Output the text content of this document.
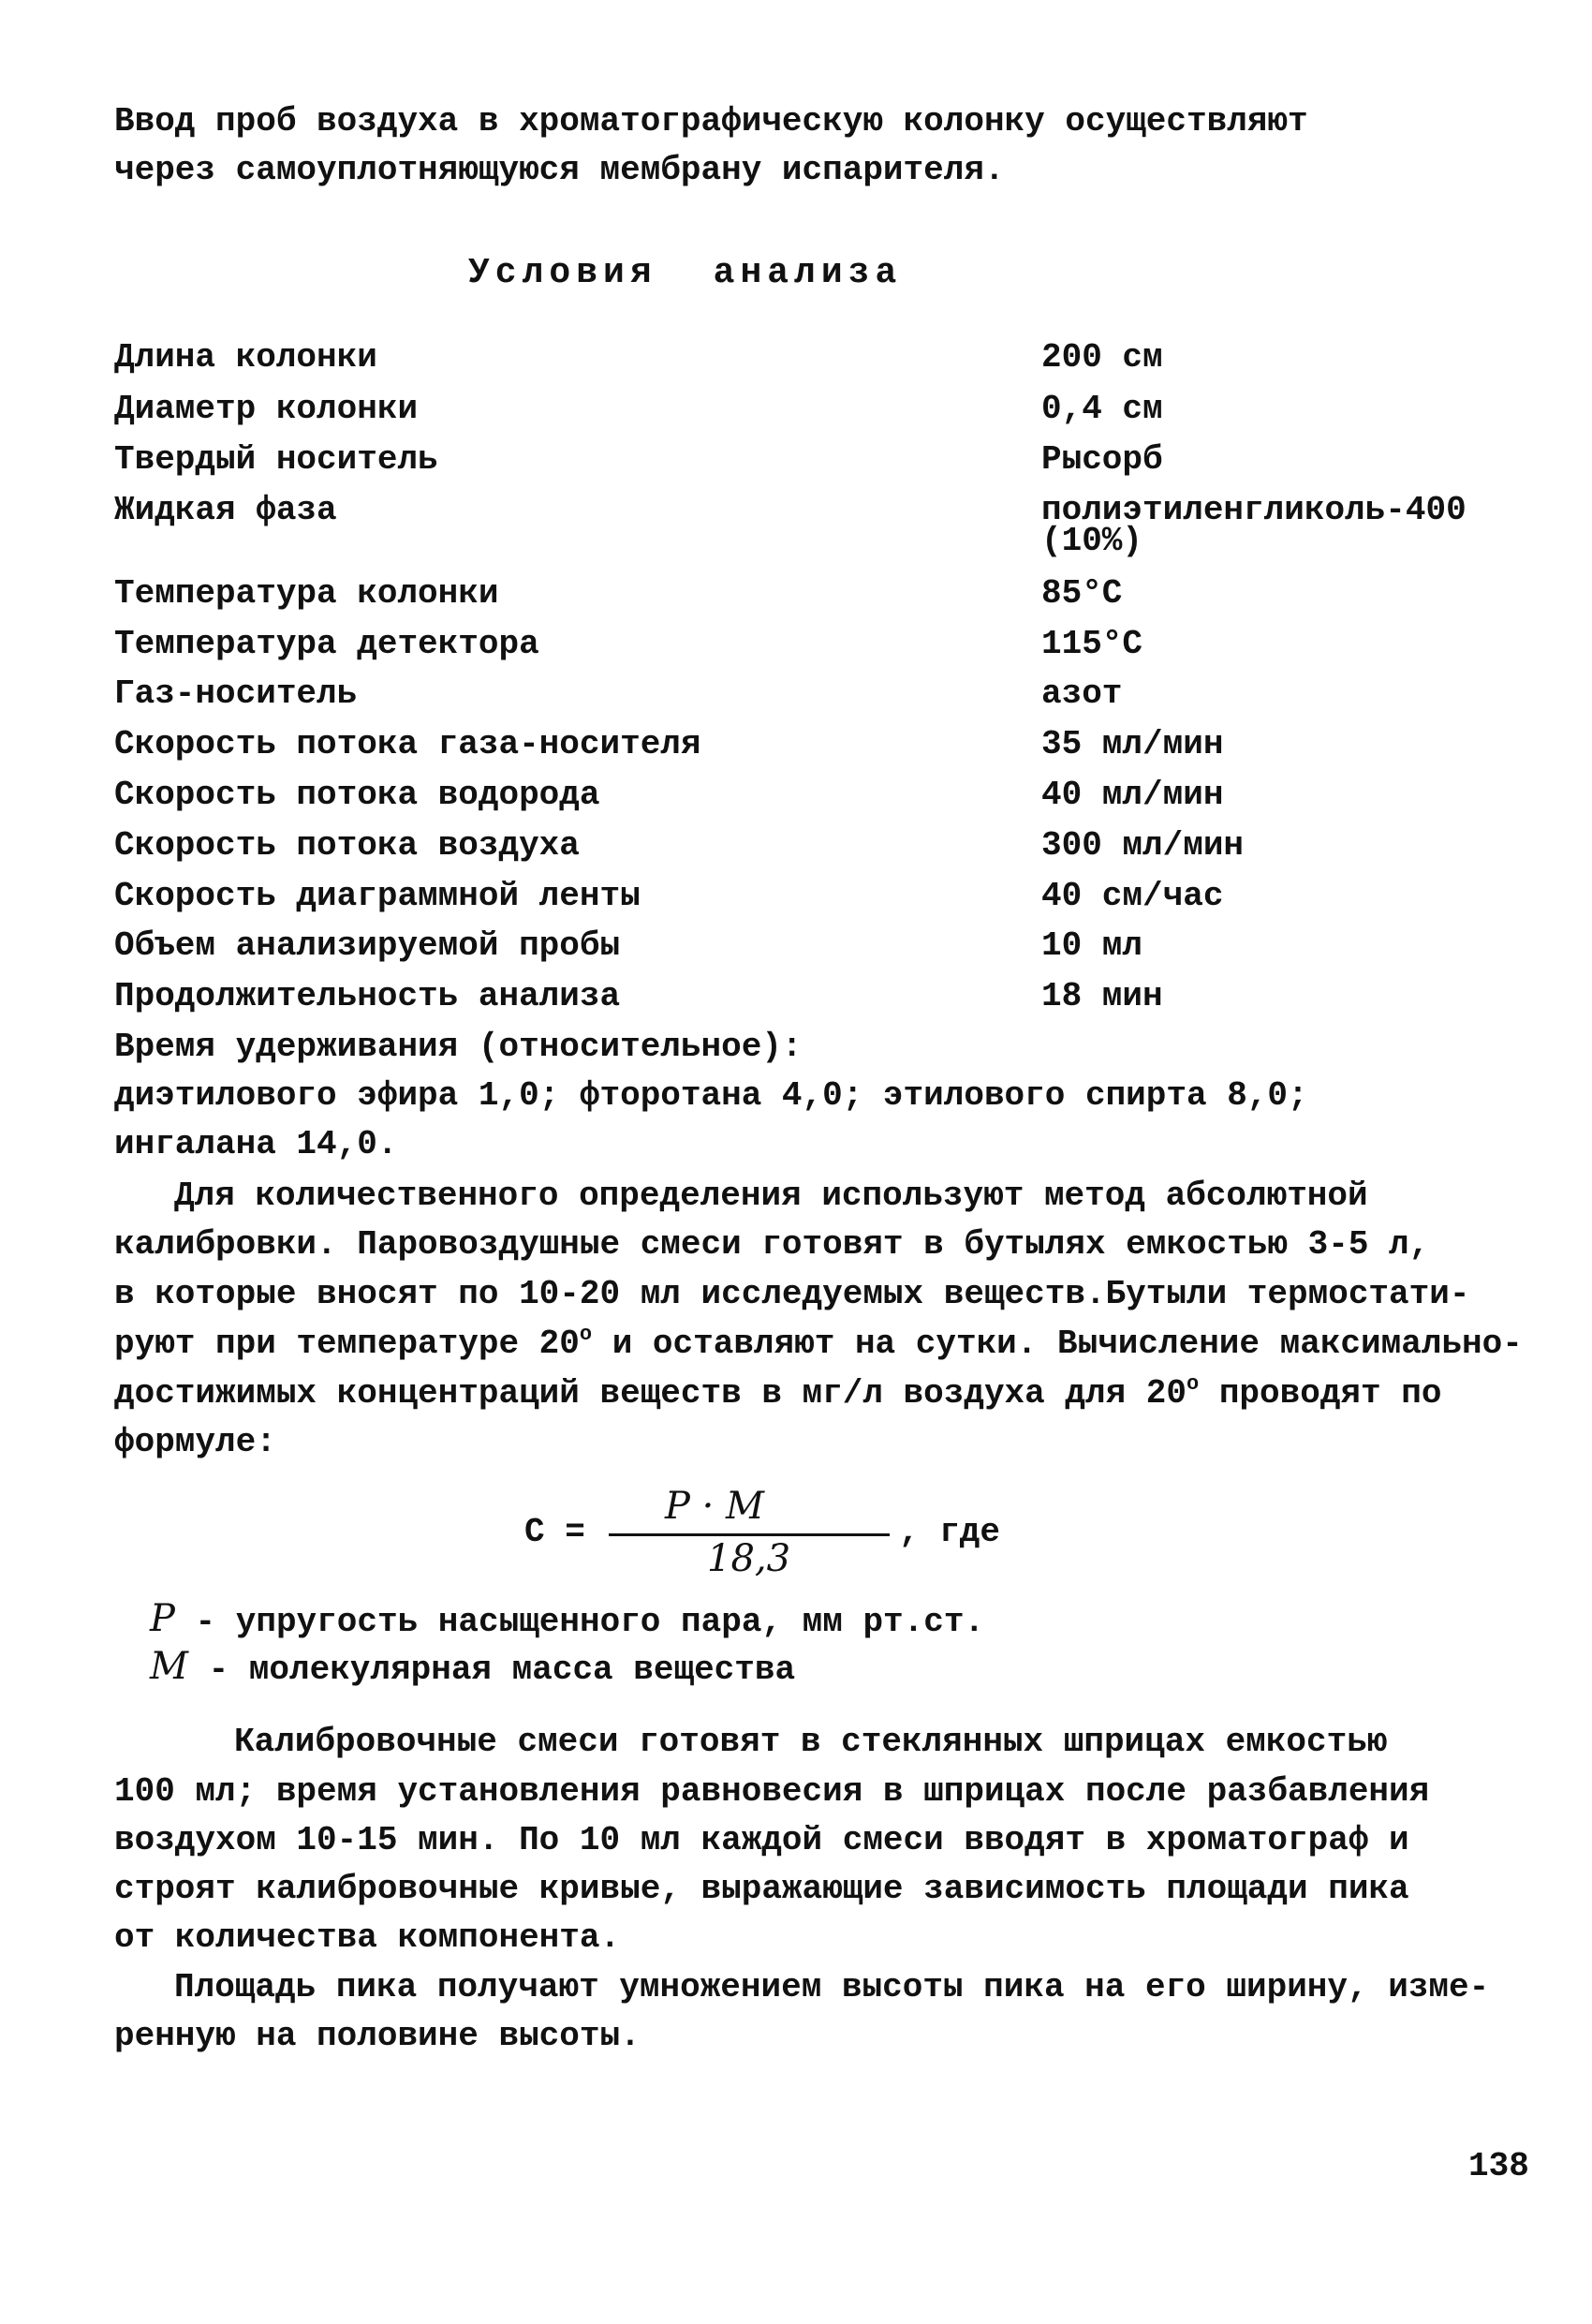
Ввод проб воздуха в хроматографическую колонку осуществляют
через самоуплотняющуюся мембрану испарителя.
Условия анализа
Длина колонки	200 см
Диаметр колонки	0,4 см
Твердый носитель	Рысорб
Жидкая фаза	полиэтиленгликоль-400
(10%)
Температура колонки	85°С
Температура детектора	115°С
Газ-носитель	азот
Скорость потока газа-носителя	35 мл/мин
Скорость потока водорода	40 мл/мин
Скорость потока воздуха	300 мл/мин
Скорость диаграммной ленты	40 см/час
Объем анализируемой пробы	10 мл
Продолжительность анализа	18 мин
Время удерживания (относительное):
диэтилового эфира 1,0; фторотана 4,0; этилового спирта 8,0;
ингалана 14,0.
Для количественного определения используют метод абсолютной
калибровки. Паровоздушные смеси готовят в бутылях емкостью 3-5 л,
в которые вносят по 10-20 мл исследуемых веществ.Бутыли термостати-
руют при температуре $20^о$ и оставляют на сутки. Вычисление максимально-
достижимых концентраций веществ в мг/л воздуха для $20^о$ проводят по
формуле:
С =
P · M
18,3
, где
Р - упругость насыщенного пара, мм рт.ст.
М - молекулярная масса вещества
Калибровочные смеси готовят в стеклянных шприцах емкостью
100 мл; время установления равновесия в шприцах после разбавления
воздухом 10-15 мин. По 10 мл каждой смеси вводят в хроматограф и
строят калибровочные кривые, выражающие зависимость площади пика
от количества компонента.
Площадь пика получают умножением высоты пика на его ширину, изме-
ренную на половине высоты.
138
